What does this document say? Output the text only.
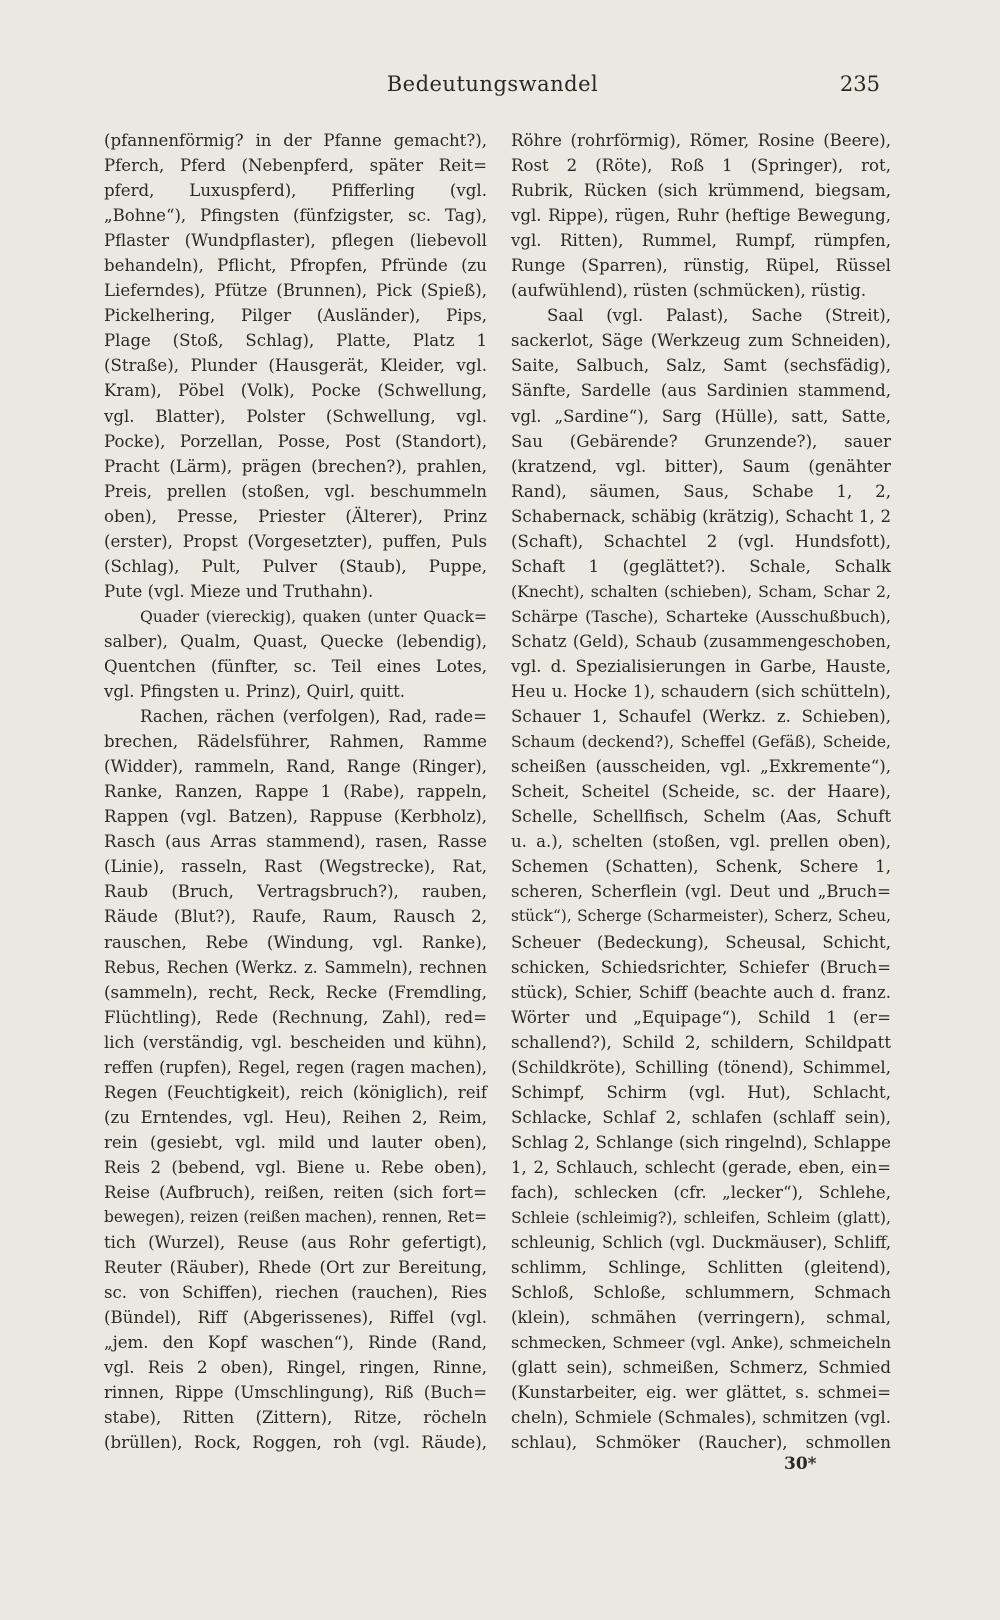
Bedeutungswandel	235
(pfannenförmig? in der Pfanne gemacht?),
Pferch, Pferd (Nebenpferd, später Reit=
pferd, Luxuspferd), Pfifferling (vgl.
„Bohne“), Pfingsten (fünfzigster, sc. Tag),
Pflaster (Wundpflaster), pflegen (liebevoll
behandeln), Pflicht, Pfropfen, Pfründe (zu
Lieferndes), Pfütze (Brunnen), Pick (Spieß),
Pickelhering, Pilger (Ausländer), Pips,
Plage (Stoß, Schlag), Platte, Platz 1
(Straße), Plunder (Hausgerät, Kleider, vgl.
Kram), Pöbel (Volk), Pocke (Schwellung,
vgl. Blatter), Polster (Schwellung, vgl.
Pocke), Porzellan, Posse, Post (Standort),
Pracht (Lärm), prägen (brechen?), prahlen,
Preis, prellen (stoßen, vgl. beschummeln
oben), Presse, Priester (Älterer), Prinz
(erster), Propst (Vorgesetzter), puffen, Puls
(Schlag), Pult, Pulver (Staub), Puppe,
Pute (vgl. Mieze und Truthahn).
Quader (viereckig), quaken (unter Quack=
salber), Qualm, Quast, Quecke (lebendig),
Quentchen (fünfter, sc. Teil eines Lotes,
vgl. Pfingsten u. Prinz), Quirl, quitt.
Rachen, rächen (verfolgen), Rad, rade=
brechen, Rädelsführer, Rahmen, Ramme
(Widder), rammeln, Rand, Range (Ringer),
Ranke, Ranzen, Rappe 1 (Rabe), rappeln,
Rappen (vgl. Batzen), Rappuse (Kerbholz),
Rasch (aus Arras stammend), rasen, Rasse
(Linie), rasseln, Rast (Wegstrecke), Rat,
Raub (Bruch, Vertragsbruch?), rauben,
Räude (Blut?), Raufe, Raum, Rausch 2,
rauschen, Rebe (Windung, vgl. Ranke),
Rebus, Rechen (Werkz. z. Sammeln), rechnen
(sammeln), recht, Reck, Recke (Fremdling,
Flüchtling), Rede (Rechnung, Zahl), red=
lich (verständig, vgl. bescheiden und kühn),
reffen (rupfen), Regel, regen (ragen machen),
Regen (Feuchtigkeit), reich (königlich), reif
(zu Erntendes, vgl. Heu), Reihen 2, Reim,
rein (gesiebt, vgl. mild und lauter oben),
Reis 2 (bebend, vgl. Biene u. Rebe oben),
Reise (Aufbruch), reißen, reiten (sich fort=
bewegen), reizen (reißen machen), rennen, Ret=
tich (Wurzel), Reuse (aus Rohr gefertigt),
Reuter (Räuber), Rhede (Ort zur Bereitung,
sc. von Schiffen), riechen (rauchen), Ries
(Bündel), Riff (Abgerissenes), Riffel (vgl.
„jem. den Kopf waschen“), Rinde (Rand,
vgl. Reis 2 oben), Ringel, ringen, Rinne,
rinnen, Rippe (Umschlingung), Riß (Buch=
stabe), Ritten (Zittern), Ritze, röcheln
(brüllen), Rock, Roggen, roh (vgl. Räude),
Röhre (rohrförmig), Römer, Rosine (Beere),
Rost 2 (Röte), Roß 1 (Springer), rot,
Rubrik, Rücken (sich krümmend, biegsam,
vgl. Rippe), rügen, Ruhr (heftige Bewegung,
vgl. Ritten), Rummel, Rumpf, rümpfen,
Runge (Sparren), rünstig, Rüpel, Rüssel
(aufwühlend), rüsten (schmücken), rüstig.
Saal (vgl. Palast), Sache (Streit),
sackerlot, Säge (Werkzeug zum Schneiden),
Saite, Salbuch, Salz, Samt (sechsfädig),
Sänfte, Sardelle (aus Sardinien stammend,
vgl. „Sardine“), Sarg (Hülle), satt, Satte,
Sau (Gebärende? Grunzende?), sauer
(kratzend, vgl. bitter), Saum (genähter
Rand), säumen, Saus, Schabe 1, 2,
Schabernack, schäbig (krätzig), Schacht 1, 2
(Schaft), Schachtel 2 (vgl. Hundsfott),
Schaft 1 (geglättet?). Schale, Schalk
(Knecht), schalten (schieben), Scham, Schar 2,
Schärpe (Tasche), Scharteke (Ausschußbuch),
Schatz (Geld), Schaub (zusammengeschoben,
vgl. d. Spezialisierungen in Garbe, Hauste,
Heu u. Hocke 1), schaudern (sich schütteln),
Schauer 1, Schaufel (Werkz. z. Schieben),
Schaum (deckend?), Scheffel (Gefäß), Scheide,
scheißen (ausscheiden, vgl. „Exkremente“),
Scheit, Scheitel (Scheide, sc. der Haare),
Schelle, Schellfisch, Schelm (Aas, Schuft
u. a.), schelten (stoßen, vgl. prellen oben),
Schemen (Schatten), Schenk, Schere 1,
scheren, Scherflein (vgl. Deut und „Bruch=
stück“), Scherge (Scharmeister), Scherz, Scheu,
Scheuer (Bedeckung), Scheusal, Schicht,
schicken, Schiedsrichter, Schiefer (Bruch=
stück), Schier, Schiff (beachte auch d. franz.
Wörter und „Equipage“), Schild 1 (er=
schallend?), Schild 2, schildern, Schildpatt
(Schildkröte), Schilling (tönend), Schimmel,
Schimpf, Schirm (vgl. Hut), Schlacht,
Schlacke, Schlaf 2, schlafen (schlaff sein),
Schlag 2, Schlange (sich ringelnd), Schlappe
1, 2, Schlauch, schlecht (gerade, eben, ein=
fach), schlecken (cfr. „lecker“), Schlehe,
Schleie (schleimig?), schleifen, Schleim (glatt),
schleunig, Schlich (vgl. Duckmäuser), Schliff,
schlimm, Schlinge, Schlitten (gleitend),
Schloß, Schloße, schlummern, Schmach
(klein), schmähen (verringern), schmal,
schmecken, Schmeer (vgl. Anke), schmeicheln
(glatt sein), schmeißen, Schmerz, Schmied
(Kunstarbeiter, eig. wer glättet, s. schmei=
cheln), Schmiele (Schmales), schmitzen (vgl.
schlau), Schmöker (Raucher), schmollen
30*
